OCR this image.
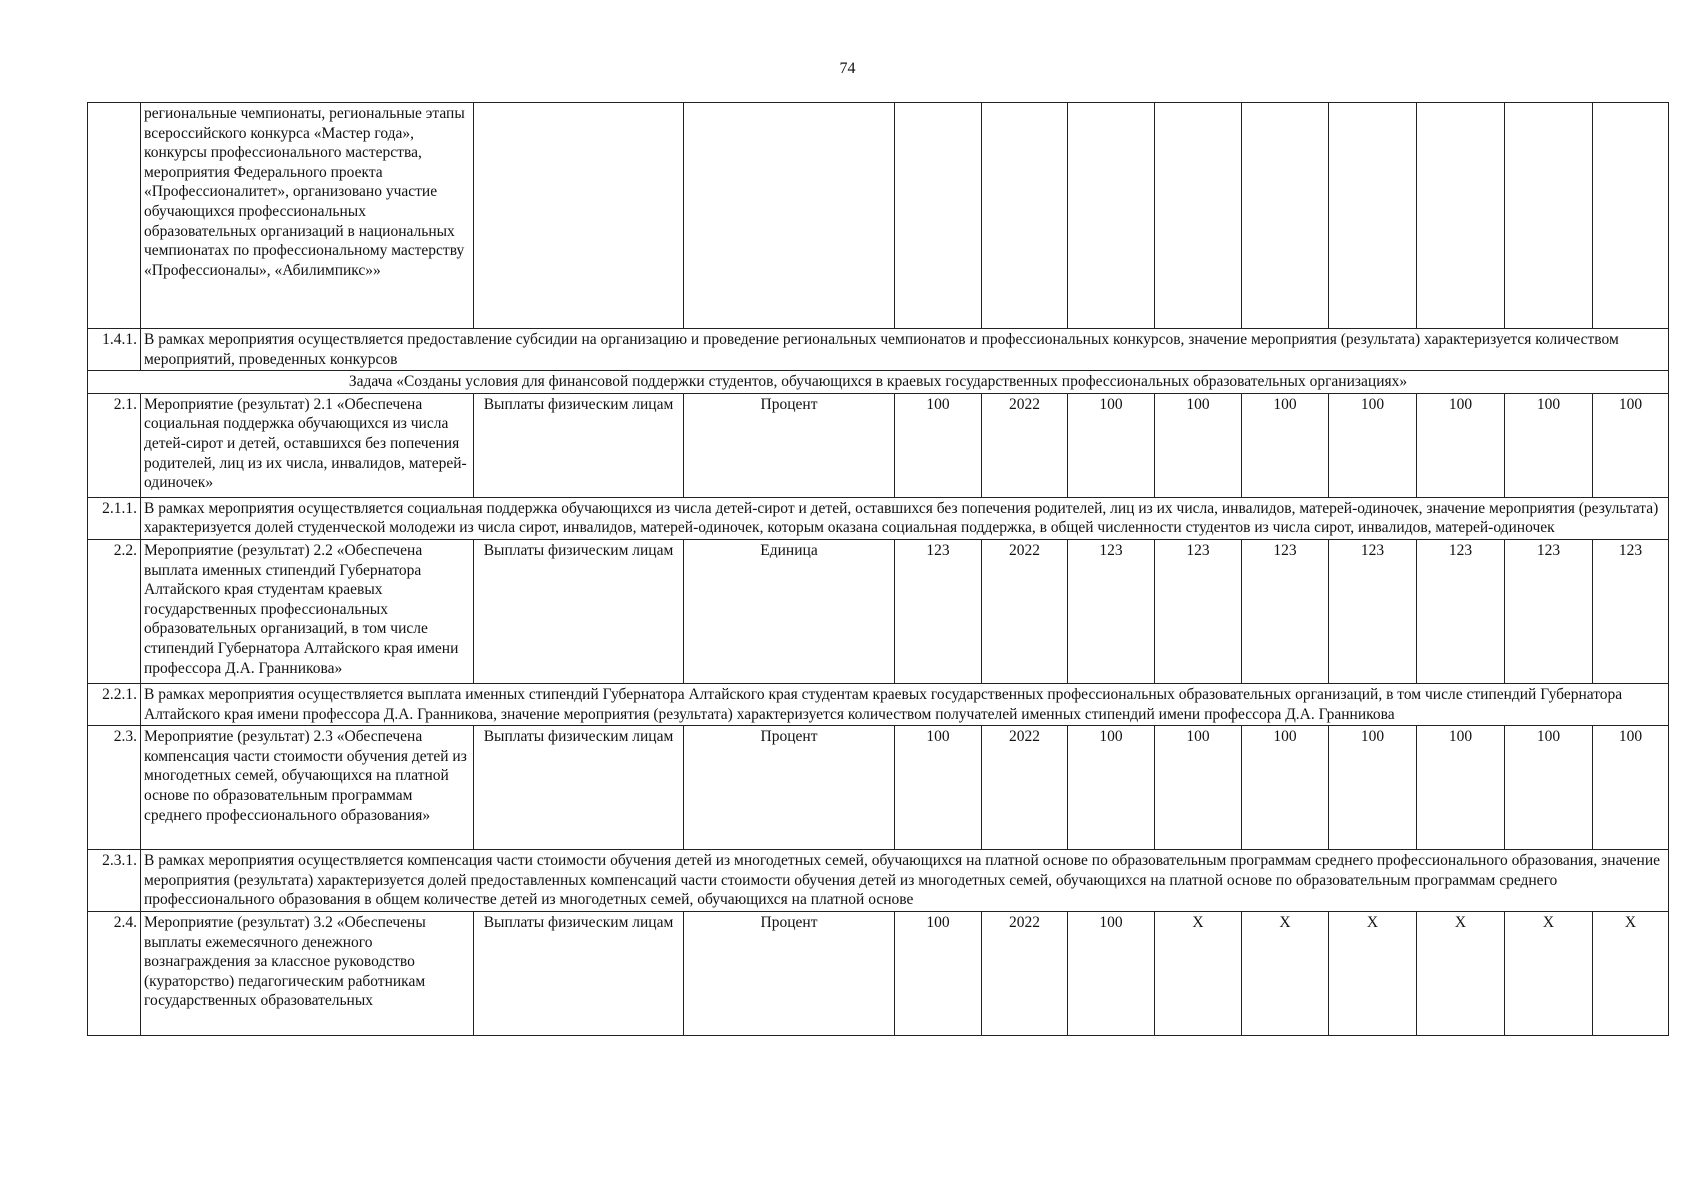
74
	региональные чемпионаты, региональные этапы всероссийского конкурса «Мастер года», конкурсы профессионального мастерства, мероприятия Федерального проекта «Профессионалитет», организовано участие обучающихся профессиональных образовательных организаций в национальных чемпионатах по профессиональному мастерству «Профессионалы», «Абилимпикс»»											
1.4.1.	В рамках мероприятия осуществляется предоставление субсидии на организацию и проведение региональных чемпионатов и профессиональных конкурсов, значение мероприятия (результата) характеризуется количеством мероприятий, проведенных конкурсов											
Задача «Созданы условия для финансовой поддержки студентов, обучающихся в краевых государственных профессиональных образовательных организациях»												
2.1.	Мероприятие (результат) 2.1 «Обеспечена социальная поддержка обучающихся из числа детей-сирот и детей, оставшихся без попечения родителей, лиц из их числа, инвалидов, матерей-одиночек»	Выплаты физическим лицам	Процент	100	2022	100	100	100	100	100	100	100
2.1.1.	В рамках мероприятия осуществляется социальная поддержка обучающихся из числа детей-сирот и детей, оставшихся без попечения родителей, лиц из их числа, инвалидов, матерей-одиночек, значение мероприятия (результата) характеризуется долей студенческой молодежи из числа сирот, инвалидов, матерей-одиночек, которым оказана социальная поддержка, в общей численности студентов из числа сирот, инвалидов, матерей-одиночек											
2.2.	Мероприятие (результат) 2.2 «Обеспечена выплата именных стипендий Губернатора Алтайского края студентам краевых государственных профессиональных образовательных организаций, в том числе стипендий Губернатора Алтайского края имени профессора Д.А. Гранникова»	Выплаты физическим лицам	Единица	123	2022	123	123	123	123	123	123	123
2.2.1.	В рамках мероприятия осуществляется выплата именных стипендий Губернатора Алтайского края студентам краевых государственных профессиональных образовательных организаций, в том числе стипендий Губернатора Алтайского края имени профессора Д.А. Гранникова, значение мероприятия (результата) характеризуется количеством получателей именных стипендий имени профессора Д.А. Гранникова											
2.3.	Мероприятие (результат) 2.3 «Обеспечена компенсация части стоимости обучения детей из многодетных семей, обучающихся на платной основе по образовательным программам среднего профессионального образования»	Выплаты физическим лицам	Процент	100	2022	100	100	100	100	100	100	100
2.3.1.	В рамках мероприятия осуществляется компенсация части стоимости обучения детей из многодетных семей, обучающихся на платной основе по образовательным программам среднего профессионального образования, значение мероприятия (результата) характеризуется долей предоставленных компенсаций части стоимости обучения детей из многодетных семей, обучающихся на платной основе по образовательным программам среднего профессионального образования в общем количестве детей из многодетных семей, обучающихся на платной основе											
2.4.	Мероприятие (результат) 3.2 «Обеспечены выплаты ежемесячного денежного вознаграждения за классное руководство (кураторство) педагогическим работникам государственных образовательных	Выплаты физическим лицам	Процент	100	2022	100	X	X	X	X	X	X
